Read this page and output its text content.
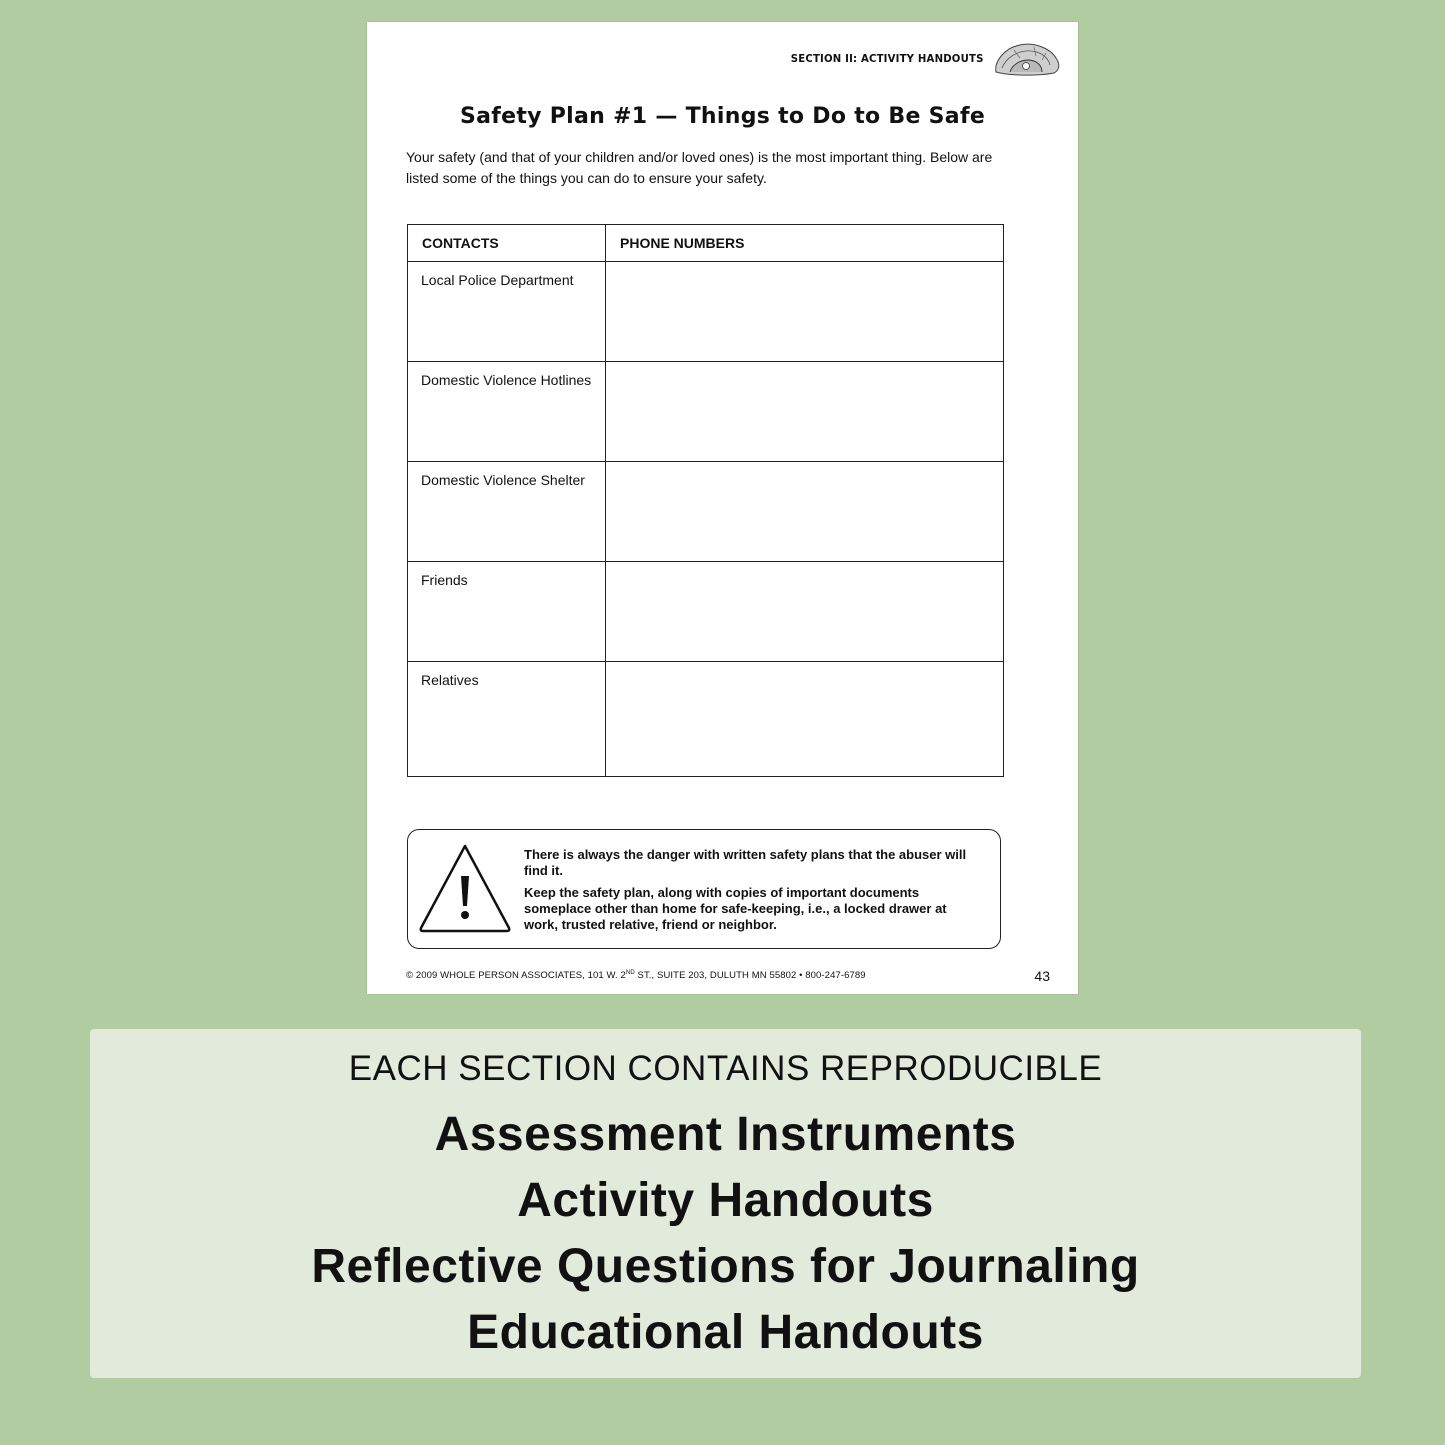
SECTION II: ACTIVITY HANDOUTS
Safety Plan #1 — Things to Do to Be Safe

Your safety (and that of your children and/or loved ones) is the most important thing. Below are listed some of the things you can do to ensure your safety.

CONTACTS	PHONE NUMBERS
Local Police Department	
Domestic Violence Hotlines	
Domestic Violence Shelter	
Friends	
Relatives	

There is always the danger with written safety plans that the abuser will find it.

Keep the safety plan, along with copies of important documents someplace other than home for safe-keeping, i.e., a locked drawer at work, trusted relative, friend or neighbor.

© 2009 WHOLE PERSON ASSOCIATES, 101 W. 2ND ST., SUITE 203, DULUTH MN 55802 • 800-247-6789	43
EACH SECTION CONTAINS REPRODUCIBLE
Assessment Instruments
Activity Handouts
Reflective Questions for Journaling
Educational Handouts
